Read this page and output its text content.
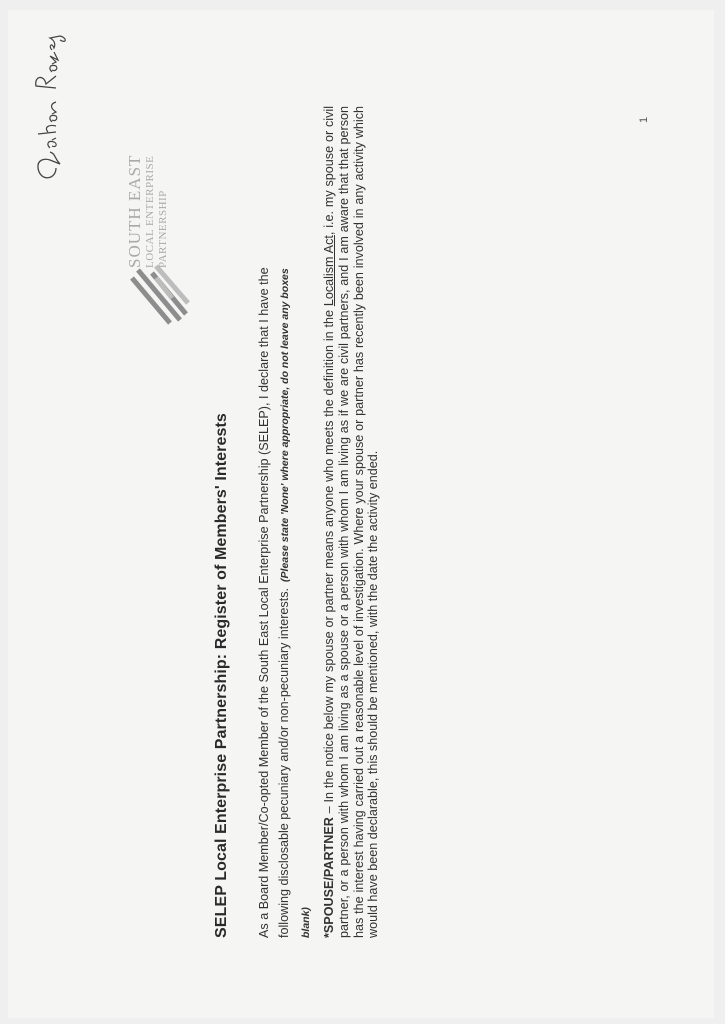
SOUTH EAST LOCAL ENTERPRISE PARTNERSHIP
SELEP Local Enterprise Partnership: Register of Members' Interests As a Board Member/Co-opted Member of the South East Local Enterprise Partnership (SELEP), I declare that I have the following disclosable pecuniary and/or non-pecuniary interests.(Please state 'None' where appropriate, do not leave any boxes blank) *SPOUSE/PARTNER – In the notice below my spouse or partner means anyone who meets the definition in the Localism Act, i.e. my spouse or civil partner, or a person with whom I am living as a spouse or a person with whom I am living as if we are civil partners, and I am aware that that person has the interest having carried out a reasonable level of investigation. Where your spouse or partner has recently been involved in any activity which would have been declarable, this should be mentioned, with the date the activity ended.
1
